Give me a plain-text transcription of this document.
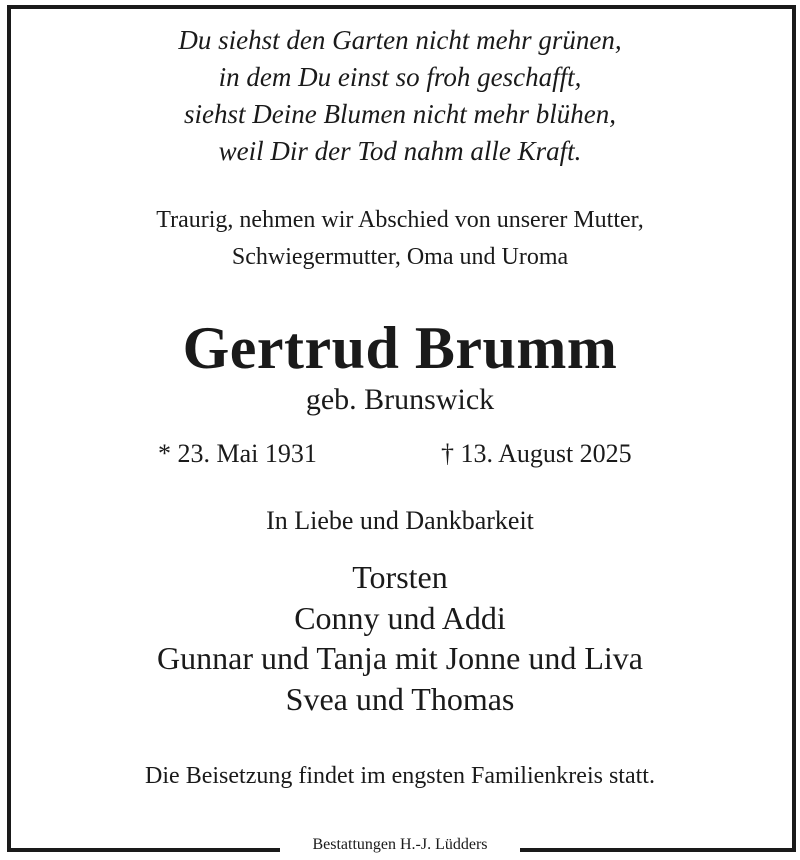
Du siehst den Garten nicht mehr grünen,
in dem Du einst so froh geschafft,
siehst Deine Blumen nicht mehr blühen,
weil Dir der Tod nahm alle Kraft.
Traurig, nehmen wir Abschied von unserer Mutter,
Schwiegermutter, Oma und Uroma
Gertrud Brumm
geb. Brunswick
* 23. Mai 1931	† 13. August 2025
In Liebe und Dankbarkeit
Torsten
Conny und Addi
Gunnar und Tanja mit Jonne und Liva
Svea und Thomas
Die Beisetzung findet im engsten Familienkreis statt.
Bestattungen H.-J. Lüdders
